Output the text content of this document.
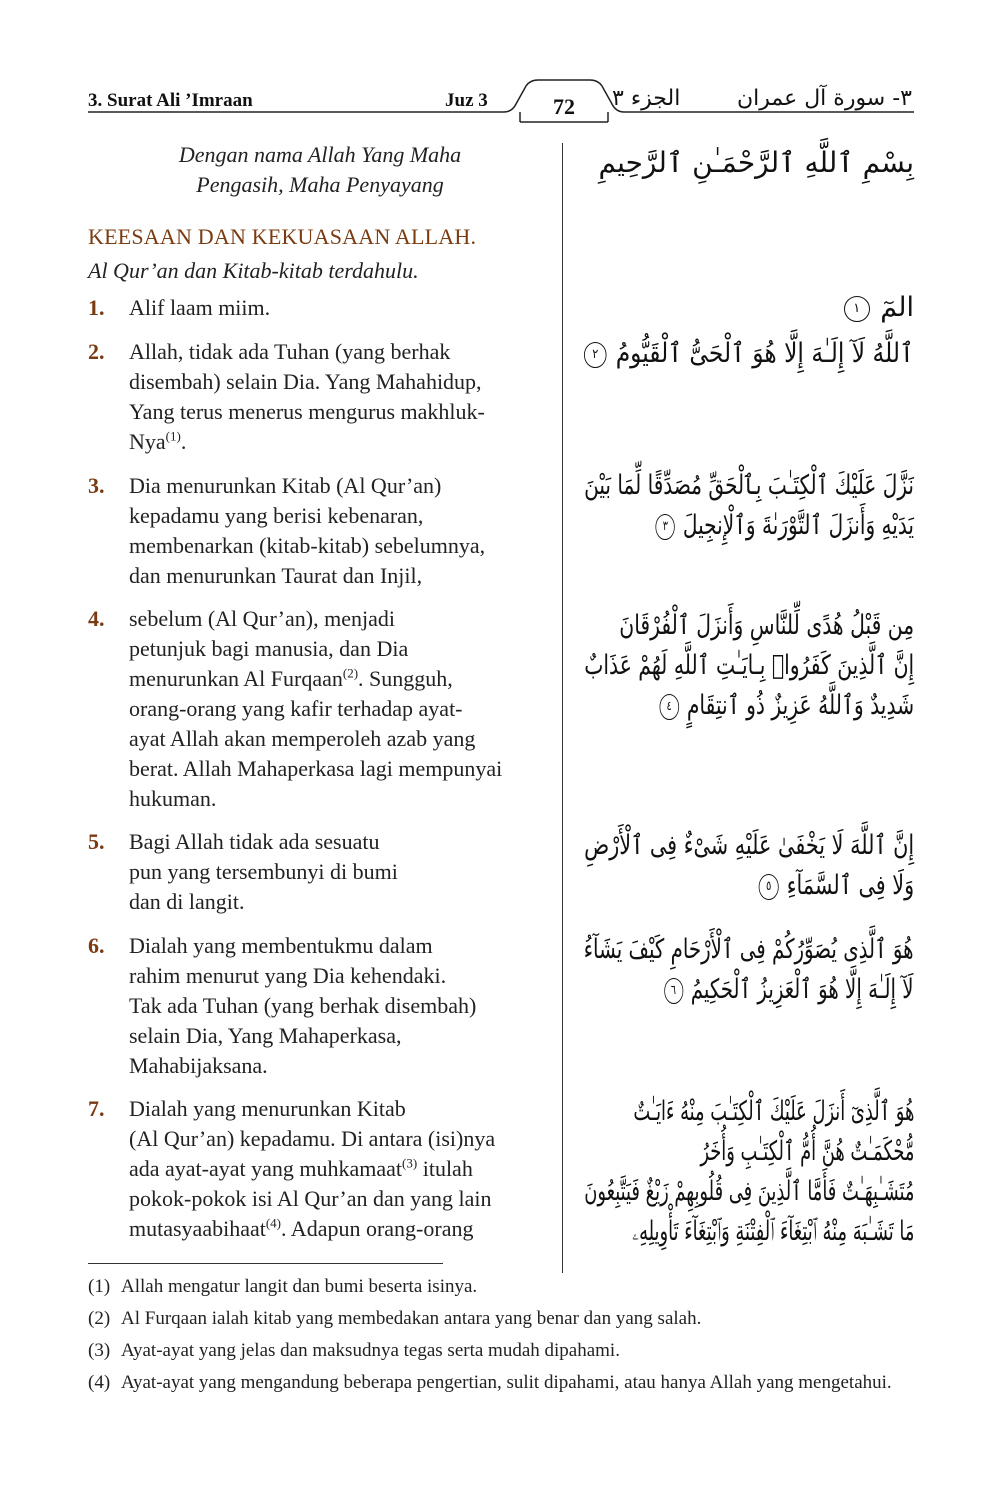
3. Surat Ali ’Imraan	Juz 3	72	الجزء ٣	٣- سورة آل عمران
Dengan nama Allah Yang Maha
Pengasih, Maha Penyayang
KEESAAN DAN KEKUASAAN ALLAH.
Al Qur’an dan Kitab-kitab terdahulu.
1. Alif laam miim.
2. Allah, tidak ada Tuhan (yang berhak
disembah) selain Dia. Yang Mahahidup,
Yang terus menerus mengurus makhluk-
Nya$^{(1)}$.
3. Dia menurunkan Kitab (Al Qur’an)
kepadamu yang berisi kebenaran,
membenarkan (kitab-kitab) sebelumnya,
dan menurunkan Taurat dan Injil,
4. sebelum (Al Qur’an), menjadi
petunjuk bagi manusia, dan Dia
menurunkan Al Furqaan$^{(2)}$. Sungguh,
orang-orang yang kafir terhadap ayat-
ayat Allah akan memperoleh azab yang
berat. Allah Mahaperkasa lagi mempunyai
hukuman.
5. Bagi Allah tidak ada sesuatu
pun yang tersembunyi di bumi
dan di langit.
6. Dialah yang membentukmu dalam
rahim menurut yang Dia kehendaki.
Tak ada Tuhan (yang berhak disembah)
selain Dia, Yang Mahaperkasa,
Mahabijaksana.
7. Dialah yang menurunkan Kitab
(Al Qur’an) kepadamu. Di antara (isi)nya
ada ayat-ayat yang muhkamaat$^{(3)}$ itulah
pokok-pokok isi Al Qur’an dan yang lain
mutasyaabihaat$^{(4)}$. Adapun orang-orang
بِسْمِ ٱللَّهِ ٱلرَّحْمَـٰنِ ٱلرَّحِيمِ
المٓ ١
ٱللَّهُ لَآ إِلَـٰهَ إِلَّا هُوَ ٱلْحَىُّ ٱلْقَيُّومُ ٢
نَزَّلَ عَلَيْكَ ٱلْكِتَـٰبَ بِٱلْحَقِّ مُصَدِّقًا لِّمَا بَيْنَ
يَدَيْهِ وَأَنزَلَ ٱلتَّوْرَىٰةَ وَٱلْإِنجِيلَ ٣
مِن قَبْلُ هُدًى لِّلنَّاسِ وَأَنزَلَ ٱلْفُرْقَانَ
إِنَّ ٱلَّذِينَ كَفَرُوا۟ بِـايَـٰتِ ٱللَّهِ لَهُمْ عَذَابٌ
شَدِيدٌ وَٱللَّهُ عَزِيزٌ ذُو ٱنتِقَامٍ ٤
إِنَّ ٱللَّهَ لَا يَخْفَىٰ عَلَيْهِ شَىْءٌ فِى ٱلْأَرْضِ
وَلَا فِى ٱلسَّمَآءِ ٥
هُوَ ٱلَّذِى يُصَوِّرُكُمْ فِى ٱلْأَرْحَامِ كَيْفَ يَشَآءُ
لَآ إِلَـٰهَ إِلَّا هُوَ ٱلْعَزِيزُ ٱلْحَكِيمُ ٦
هُوَ ٱلَّذِىٓ أَنزَلَ عَلَيْكَ ٱلْكِتَـٰبَ مِنْهُ ءَايَـٰتٌ
مُّحْكَمَـٰتٌ هُنَّ أُمُّ ٱلْكِتَـٰبِ وَأُخَرُ
مُتَشَـٰبِهَـٰتٌ فَأَمَّا ٱلَّذِينَ فِى قُلُوبِهِمْ زَيْغٌ فَيَتَّبِعُونَ
مَا تَشَـٰبَهَ مِنْهُ ٱبْتِغَآءَ ٱلْفِتْنَةِ وَٱبْتِغَآءَ تَأْوِيلِهِۦ
(1) Allah mengatur langit dan bumi beserta isinya.
(2) Al Furqaan ialah kitab yang membedakan antara yang benar dan yang salah.
(3) Ayat-ayat yang jelas dan maksudnya tegas serta mudah dipahami.
(4) Ayat-ayat yang mengandung beberapa pengertian, sulit dipahami, atau hanya Allah yang mengetahui.
